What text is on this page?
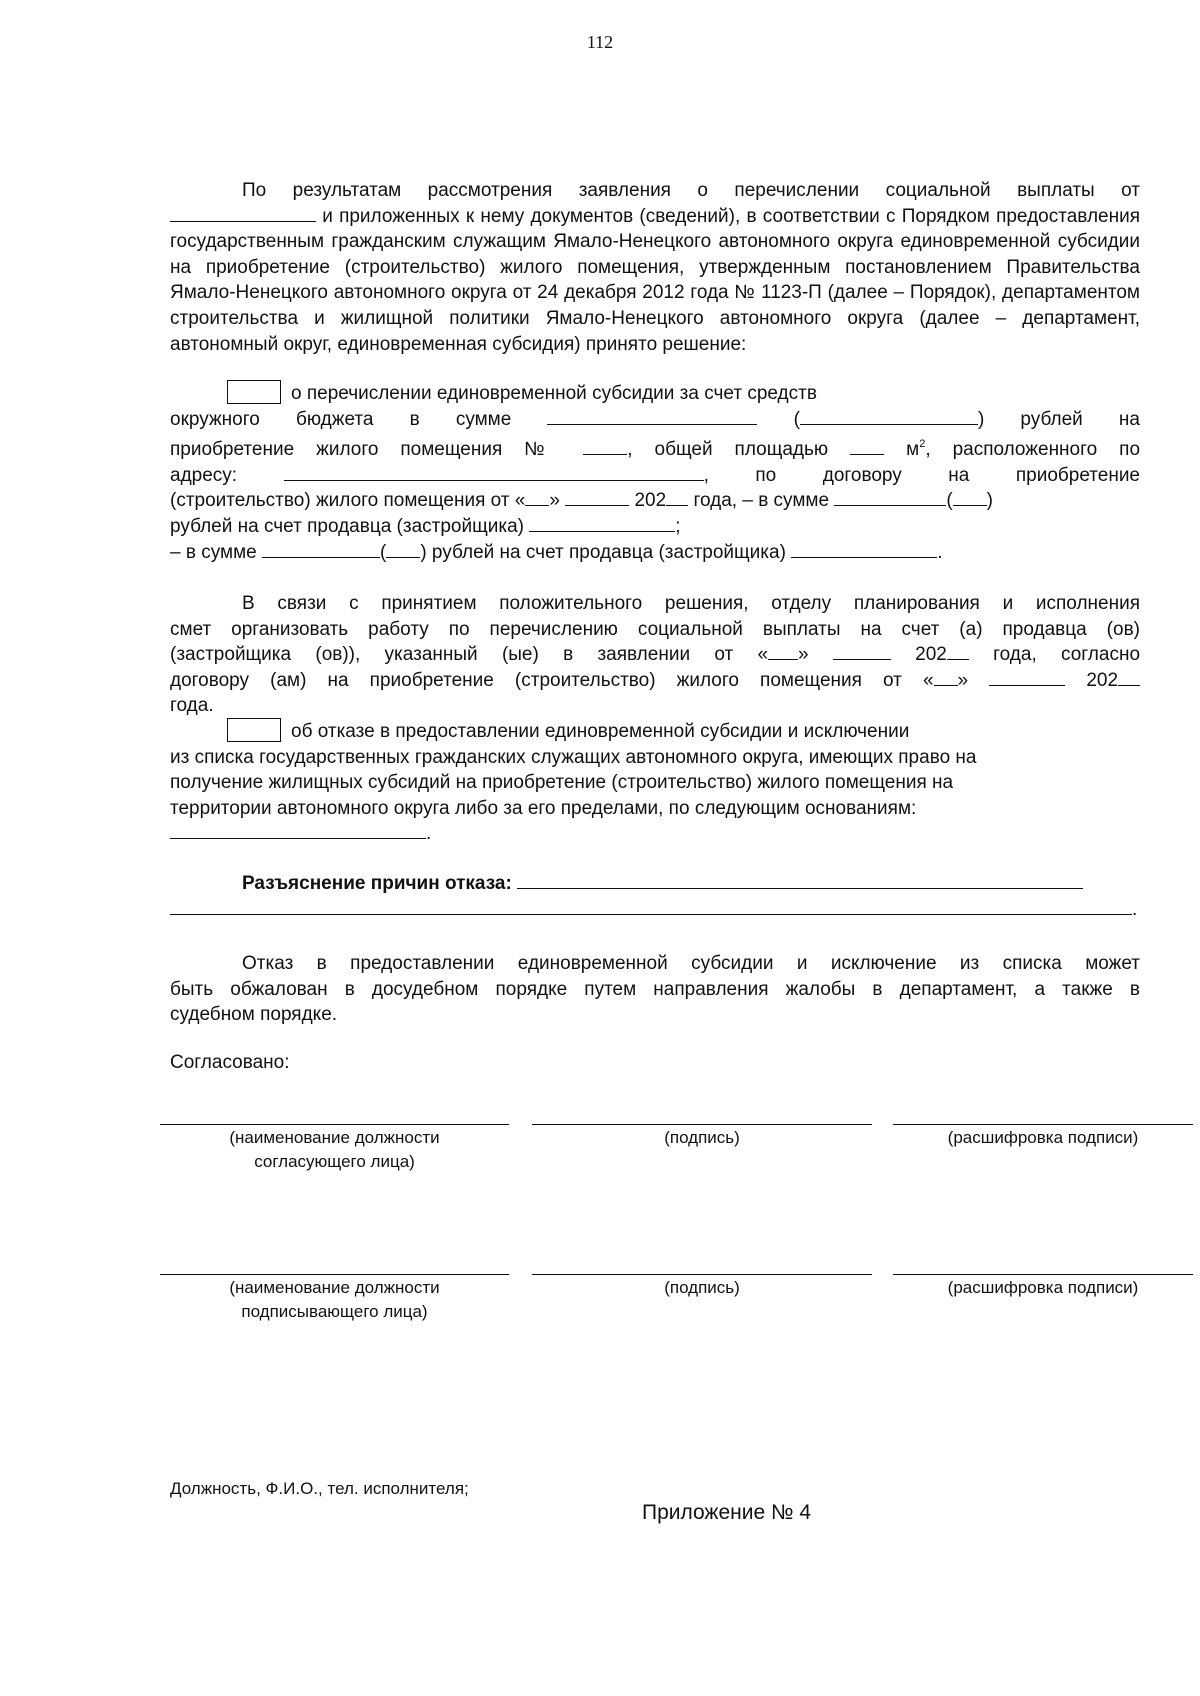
112

По результатам рассмотрения заявления о перечислении социальной выплаты от

и приложенных к нему документов (сведений), в соответствии с Порядком предоставления государственным гражданским служащим Ямало-Ненецкого автономного округа единовременной субсидии на приобретение (строительство) жилого помещения, утвержденным постановлением Правительства Ямало-Ненецкого автономного округа от 24 декабря 2012 года № 1123-П (далее – Порядок), департаментом строительства и жилищной политики Ямало-Ненецкого автономного округа (далее – департамент, автономный округ, единовременная субсидия) принято решение:

о перечислении единовременной субсидии за счет средств

окружного бюджета в сумме	(	) рублей на

приобретение жилого помещения №	, общей площадью	$м^2$, расположенного по

адресу:	, по договору на приобретение

(строительство) жилого помещения от « »	202 года, – в сумме	( )

рублей на счет продавца (застройщика)	;

– в сумме	( ) рублей на счет продавца (застройщика)	.

В связи с принятием положительного решения, отделу планирования и исполнения

смет организовать работу по перечислению социальной выплаты на счет (а) продавца (ов)

(застройщика (ов)), указанный (ые) в заявлении от « »	202 года, согласно

договору (ам) на приобретение (строительство) жилого помещения от « »	202

года.

об отказе в предоставлении единовременной субсидии и исключении

из списка государственных гражданских служащих автономного округа, имеющих право на

получение жилищных субсидий на приобретение (строительство) жилого помещения на

территории автономного округа либо за его пределами, по следующим основаниям:

.

Разъяснение причин отказа:
.

Отказ в предоставлении единовременной субсидии и исключение из списка может

быть обжалован в досудебном порядке путем направления жалобы в департамент, а также в

судебном порядке.

Согласовано:
(наименование должности
согласующего лица)
(подпись)	(расшифровка подписи)
(наименование должности
подписывающего лица)
(подпись)	(расшифровка подписи)
Должность, Ф.И.О., тел. исполнителя;
Приложение № 4
